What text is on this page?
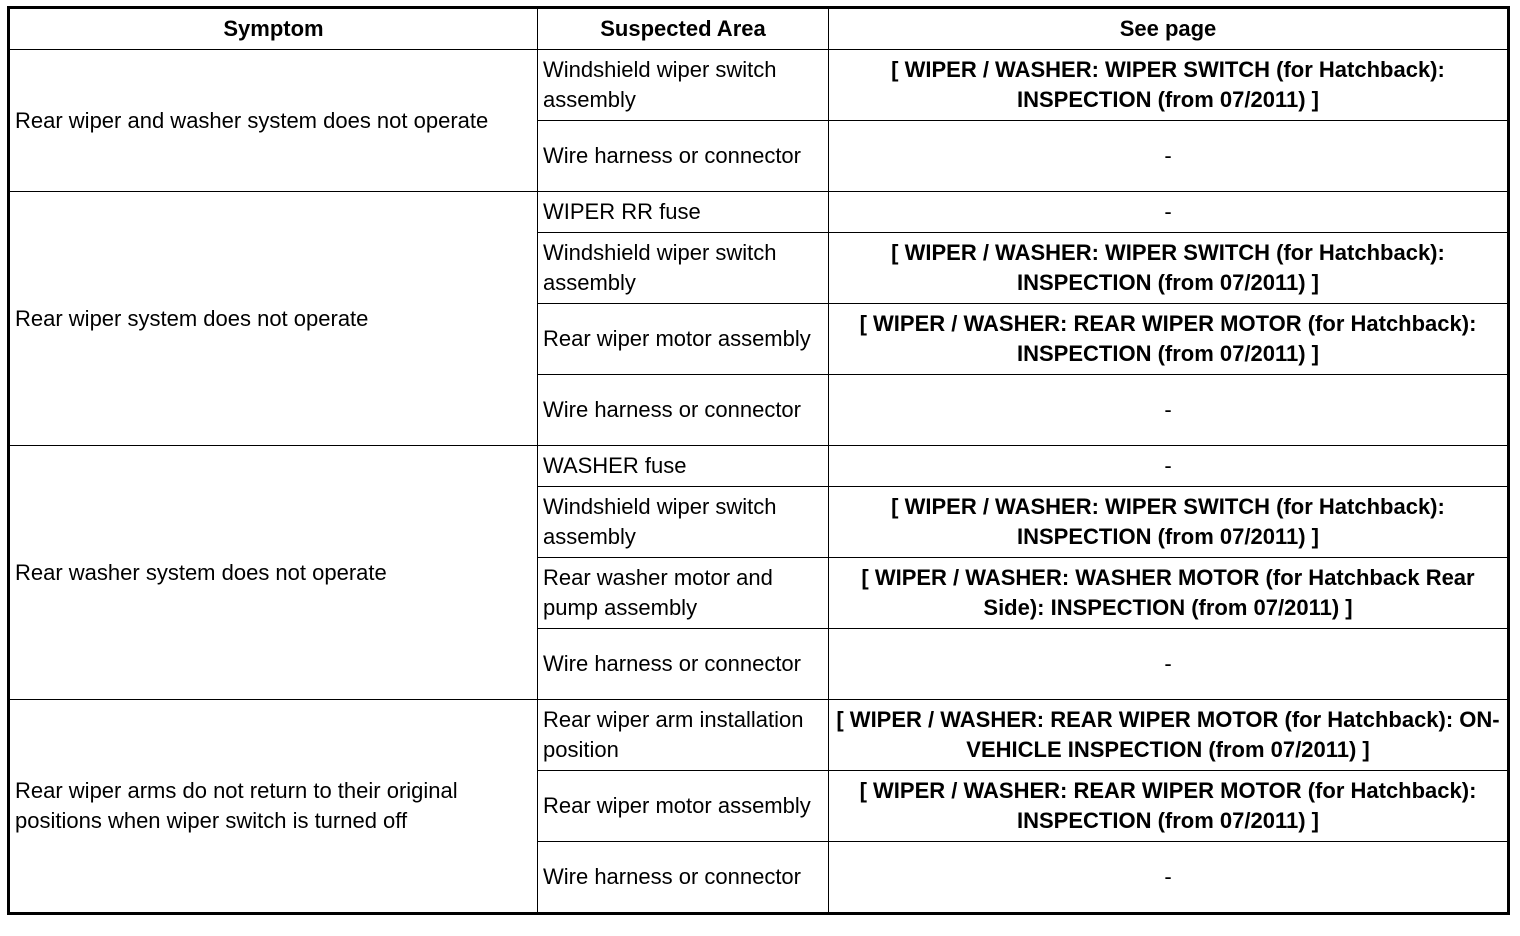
Symptom	Suspected Area	See page
Rear wiper and washer system does not operate	Windshield wiper switch assembly	[ WIPER / WASHER: WIPER SWITCH (for Hatchback): INSPECTION (from 07/2011) ]
	Wire harness or connector	-
Rear wiper system does not operate	WIPER RR fuse	-
	Windshield wiper switch assembly	[ WIPER / WASHER: WIPER SWITCH (for Hatchback): INSPECTION (from 07/2011) ]
	Rear wiper motor assembly	[ WIPER / WASHER: REAR WIPER MOTOR (for Hatchback): INSPECTION (from 07/2011) ]
	Wire harness or connector	-
Rear washer system does not operate	WASHER fuse	-
	Windshield wiper switch assembly	[ WIPER / WASHER: WIPER SWITCH (for Hatchback): INSPECTION (from 07/2011) ]
	Rear washer motor and pump assembly	[ WIPER / WASHER: WASHER MOTOR (for Hatchback Rear Side): INSPECTION (from 07/2011) ]
	Wire harness or connector	-
Rear wiper arms do not return to their original positions when wiper switch is turned off	Rear wiper arm installation position	[ WIPER / WASHER: REAR WIPER MOTOR (for Hatchback): ON-VEHICLE INSPECTION (from 07/2011) ]
	Rear wiper motor assembly	[ WIPER / WASHER: REAR WIPER MOTOR (for Hatchback): INSPECTION (from 07/2011) ]
	Wire harness or connector	-
